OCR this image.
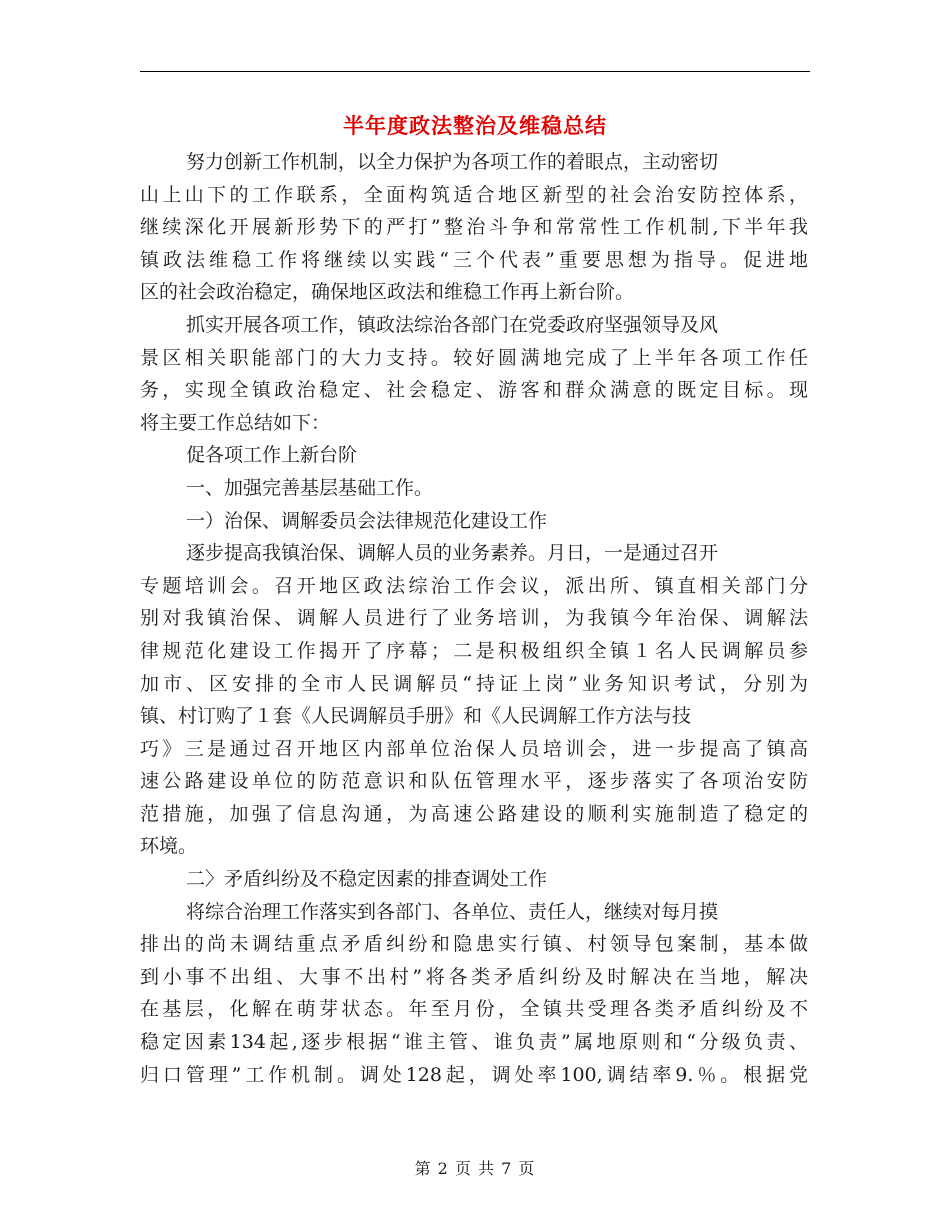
半年度政法整治及维稳总结

努力创新工作机制，以全力保护为各项工作的着眼点，主动密切

山上山下的工作联系，全面构筑适合地区新型的社会治安防控体系，

继续深化开展新形势下的严打”整治斗争和常常性工作机制,下半年我

镇政法维稳工作将继续以实践“三个代表”重要思想为指导。促进地

区的社会政治稳定，确保地区政法和维稳工作再上新台阶。

抓实开展各项工作，镇政法综治各部门在党委政府坚强领导及风

景区相关职能部门的大力支持。较好圆满地完成了上半年各项工作任

务，实现全镇政治稳定、社会稳定、游客和群众满意的既定目标。现

将主要工作总结如下：

促各项工作上新台阶

一、加强完善基层基础工作。

一）治保、调解委员会法律规范化建设工作

逐步提高我镇治保、调解人员的业务素养。月日，一是通过召开

专题培训会。召开地区政法综治工作会议，派出所、镇直相关部门分

别对我镇治保、调解人员进行了业务培训，为我镇今年治保、调解法

律规范化建设工作揭开了序幕；二是积极组织全镇１名人民调解员参

加市、区安排的全市人民调解员“持证上岗”业务知识考试，分别为

镇、村订购了１套《人民调解员手册》和《人民调解工作方法与技

巧》三是通过召开地区内部单位治保人员培训会，进一步提高了镇高

速公路建设单位的防范意识和队伍管理水平，逐步落实了各项治安防

范措施，加强了信息沟通，为高速公路建设的顺利实施制造了稳定的

环境。

二〉矛盾纠纷及不稳定因素的排查调处工作

将综合治理工作落实到各部门、各单位、责任人，继续对每月摸

排出的尚未调结重点矛盾纠纷和隐患实行镇、村领导包案制，基本做

到小事不出组、大事不出村”将各类矛盾纠纷及时解决在当地，解决

在基层，化解在萌芽状态。年至月份，全镇共受理各类矛盾纠纷及不

稳定因素134起,逐步根据“谁主管、谁负责”属地原则和“分级负责、

归口管理”工作机制。调处128起，调处率100,调结率9.％。根据党

第 2 页 共 7 页
